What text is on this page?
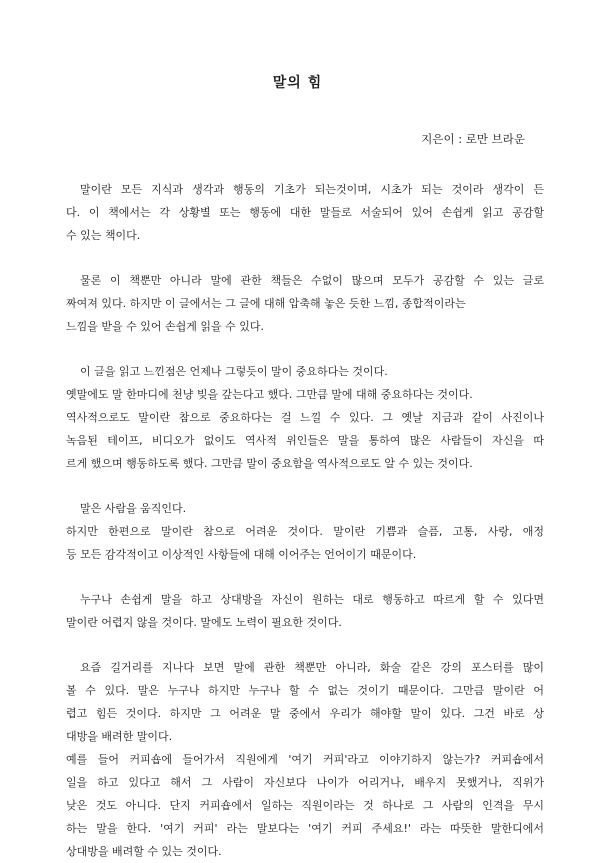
말의 힘

지은이 : 로만 브라운

말이란 모든 지식과 생각과 행동의 기초가 되는것이며, 시초가 되는 것이라 생각이 든
다. 이 책에서는 각 상황별 또는 행동에 대한 말들로 서술되어 있어 손쉽게 읽고 공감할
수 있는 책이다.
물론 이 책뿐만 아니라 말에 관한 책들은 수없이 많으며 모두가 공감할 수 있는 글로
짜여져 있다. 하지만 이 글에서는 그 글에 대해 압축해 놓은 듯한 느낌, 종합적이라는
느낌을 받을 수 있어 손쉽게 읽을 수 있다.
이 글을 읽고 느낀점은 언제나 그렇듯이 말이 중요하다는 것이다.
옛말에도 말 한마디에 천냥 빚을 갚는다고 했다. 그만큼 말에 대해 중요하다는 것이다.
역사적으로도 말이란 참으로 중요하다는 걸 느낄 수 있다. 그 옛날 지금과 같이 사진이나
녹음된 테이프, 비디오가 없이도 역사적 위인들은 말을 통하여 많은 사람들이 자신을 따
르게 했으며 행동하도록 했다. 그만큼 말이 중요함을 역사적으로도 알 수 있는 것이다.
말은 사람을 움직인다.
하지만 한편으로 말이란 참으로 어려운 것이다. 말이란 기쁨과 슬픔, 고통, 사랑, 애정
등 모든 감각적이고 이상적인 사항들에 대해 이어주는 언어이기 때문이다.
누구나 손쉽게 말을 하고 상대방을 자신이 원하는 대로 행동하고 따르게 할 수 있다면
말이란 어렵지 않을 것이다. 말에도 노력이 필요한 것이다.
요즘 길거리를 지나다 보면 말에 관한 책뿐만 아니라, 화술 같은 강의 포스터를 많이
볼 수 있다. 말은 누구나 하지만 누구나 할 수 없는 것이기 때문이다. 그만큼 말이란 어
렵고 힘든 것이다. 하지만 그 어려운 말 중에서 우리가 해야할 말이 있다. 그건 바로 상
대방을 배려한 말이다.
예를 들어 커피숍에 들어가서 직원에게 '여기 커피'라고 이야기하지 않는가? 커피숍에서
일을 하고 있다고 해서 그 사람이 자신보다 나이가 어리거나, 배우지 못했거나, 직위가
낮은 것도 아니다. 단지 커피숍에서 일하는 직원이라는 것 하나로 그 사람의 인격을 무시
하는 말을 한다. '여기 커피' 라는 말보다는 '여기 커피 주세요!' 라는 따뜻한 말한디에서
상대방을 배려할 수 있는 것이다.
